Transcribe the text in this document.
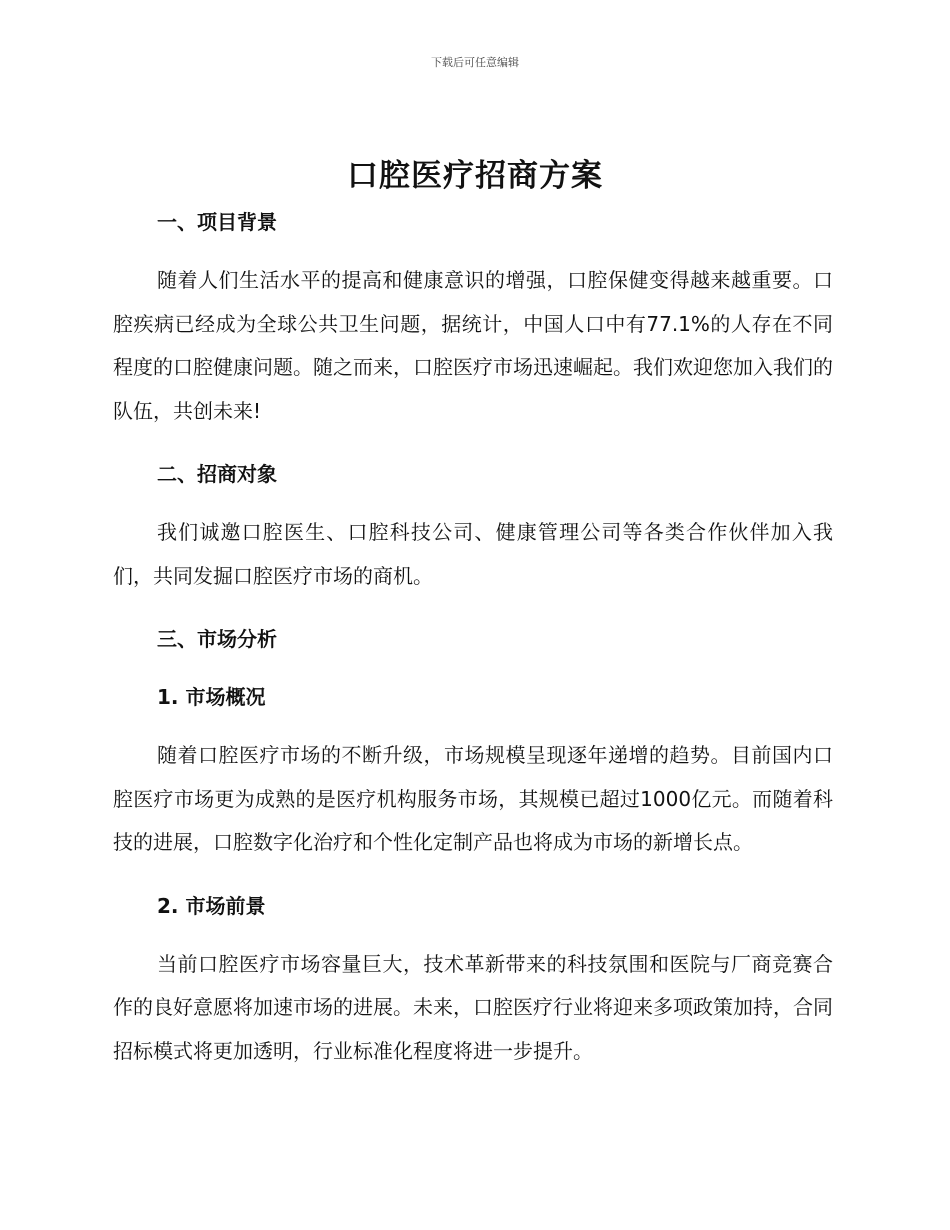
下载后可任意编辑
口腔医疗招商方案
一、项目背景

随着人们生活水平的提高和健康意识的增强，口腔保健变得越来越重要。口腔疾病已经成为全球公共卫生问题，据统计，中国人口中有77.1%的人存在不同程度的口腔健康问题。随之而来，口腔医疗市场迅速崛起。我们欢迎您加入我们的队伍，共创未来!

二、招商对象

我们诚邀口腔医生、口腔科技公司、健康管理公司等各类合作伙伴加入我们，共同发掘口腔医疗市场的商机。

三、市场分析
1. 市场概况

随着口腔医疗市场的不断升级，市场规模呈现逐年递增的趋势。目前国内口腔医疗市场更为成熟的是医疗机构服务市场，其规模已超过1000亿元。而随着科技的进展，口腔数字化治疗和个性化定制产品也将成为市场的新增长点。

2. 市场前景

当前口腔医疗市场容量巨大，技术革新带来的科技氛围和医院与厂商竞赛合作的良好意愿将加速市场的进展。未来，口腔医疗行业将迎来多项政策加持，合同招标模式将更加透明，行业标准化程度将进一步提升。
